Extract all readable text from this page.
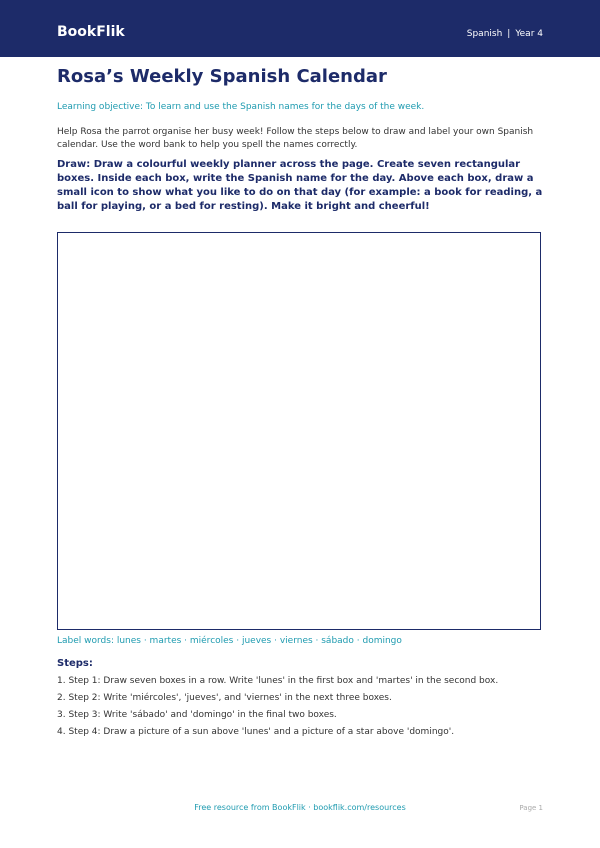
BookFlik	Spanish | Year 4
Rosa’s Weekly Spanish Calendar
Learning objective: To learn and use the Spanish names for the days of the week.
Help Rosa the parrot organise her busy week! Follow the steps below to draw and label your own Spanish calendar. Use the word bank to help you spell the names correctly.
Draw: Draw a colourful weekly planner across the page. Create seven rectangular boxes. Inside each box, write the Spanish name for the day. Above each box, draw a small icon to show what you like to do on that day (for example: a book for reading, a ball for playing, or a bed for resting). Make it bright and cheerful!
Label words: lunes · martes · miércoles · jueves · viernes · sábado · domingo
Steps:
1. Step 1: Draw seven boxes in a row. Write 'lunes' in the first box and 'martes' in the second box.
2. Step 2: Write 'miércoles', 'jueves', and 'viernes' in the next three boxes.
3. Step 3: Write 'sábado' and 'domingo' in the final two boxes.
4. Step 4: Draw a picture of a sun above 'lunes' and a picture of a star above 'domingo'.
Free resource from BookFlik · bookflik.com/resources	Page 1
